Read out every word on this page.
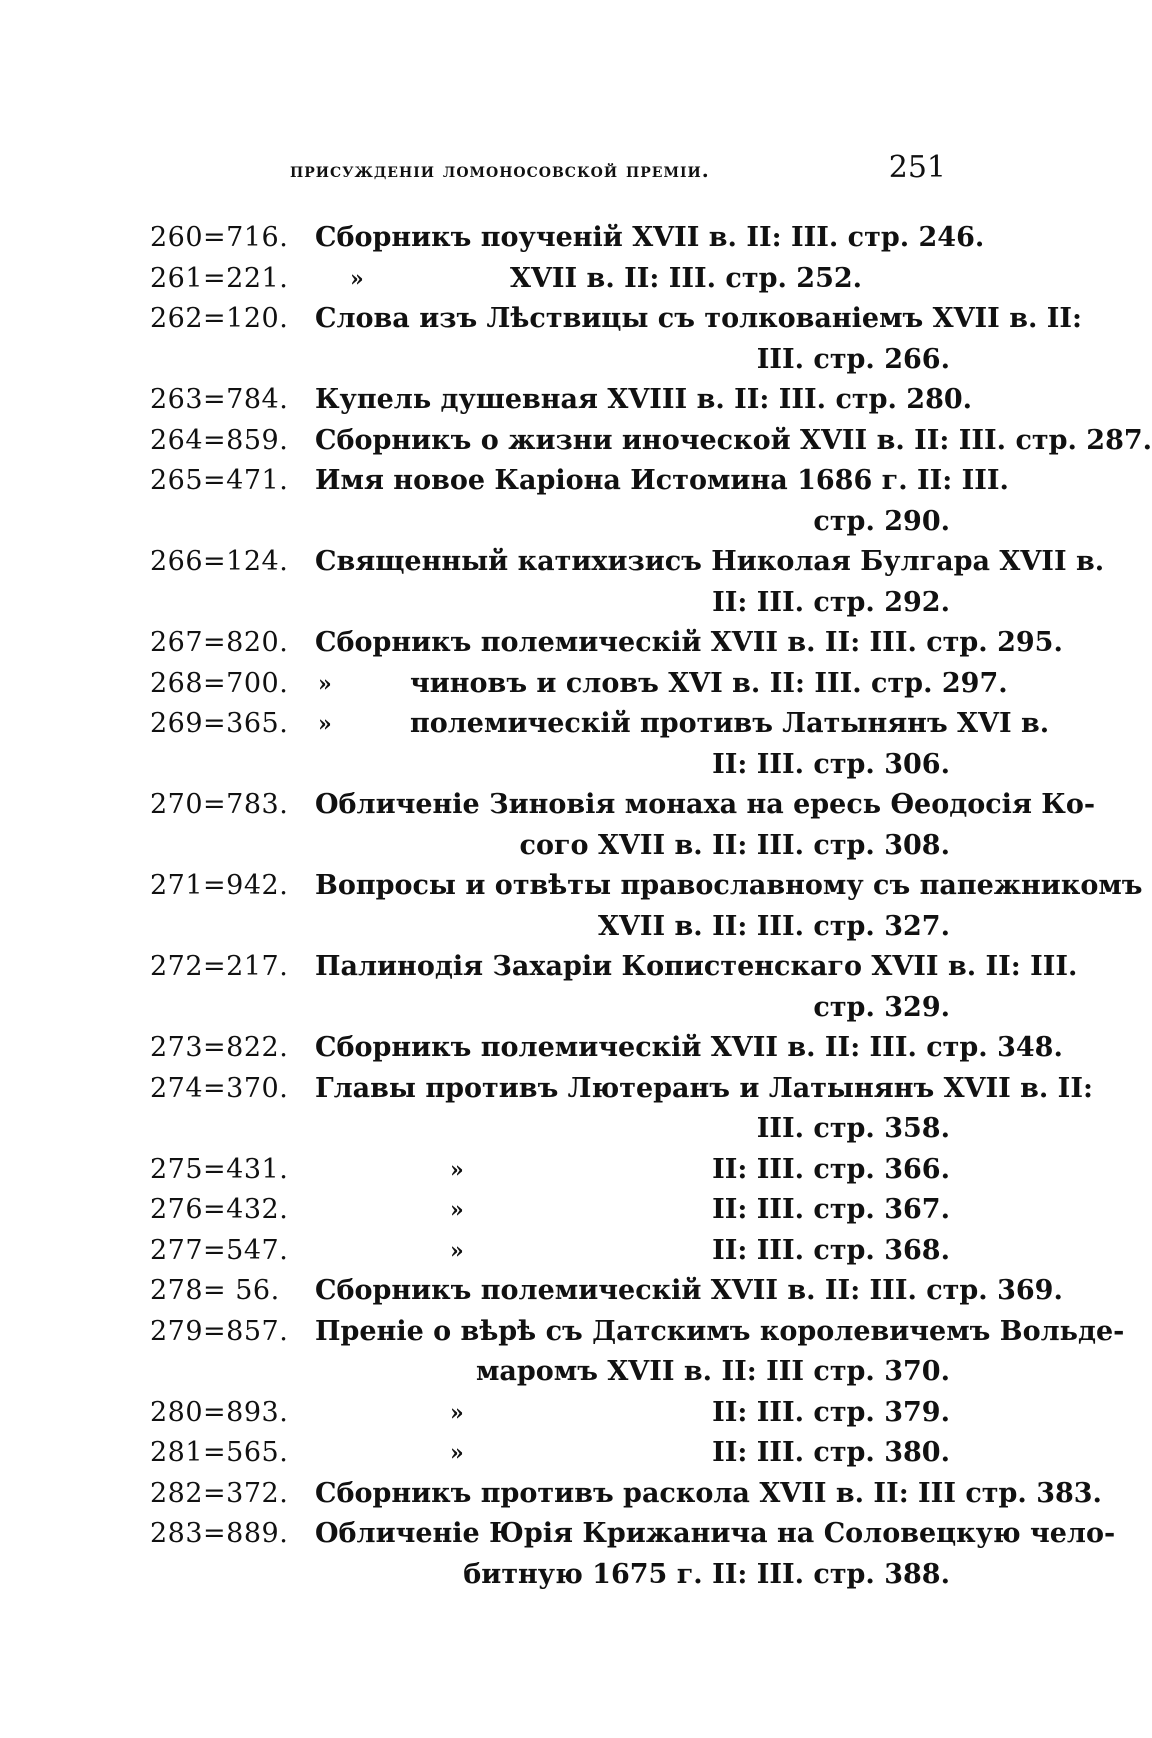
присужденіи ломоносовской преміи.	251
260=716. Сборникъ поученій XVII в. II: III. стр. 246.
261=221.	»	XVII в. II: III. стр. 252.
262=120. Слова изъ Лѣствицы съ толкованіемъ XVII в. II:
III. стр. 266.
263=784. Купель душевная XVIII в. II: III. стр. 280.
264=859. Сборникъ о жизни иноческой XVII в. II: III. стр. 287.
265=471. Имя новое Каріона Истомина 1686 г. II: III.
стр. 290.
266=124. Священный катихизисъ Николая Булгара XVII в.
II: III. стр. 292.
267=820. Сборникъ полемическій XVII в. II: III. стр. 295.
268=700.	»	чиновъ и словъ XVI в. II: III. стр. 297.
269=365.	»	полемическій противъ Латынянъ XVI в.
II: III. стр. 306.
270=783. Обличеніе Зиновія монаха на ересь Ѳеодосія Ко-
сого XVII в. II: III. стр. 308.
271=942. Вопросы и отвѣты православному съ папежникомъ
XVII в. II: III. стр. 327.
272=217. Палинодія Захаріи Копистенскаго XVII в. II: III.
стр. 329.
273=822. Сборникъ полемическій XVII в. II: III. стр. 348.
274=370. Главы противъ Лютеранъ и Латынянъ XVII в. II:
III. стр. 358.
275=431.	»	II: III. стр. 366.
276=432.	»	II: III. стр. 367.
277=547.	»	II: III. стр. 368.
278= 56.	Сборникъ полемическій XVII в. II: III. стр. 369.
279=857. Преніе о вѣрѣ съ Датскимъ королевичемъ Вольде-
маромъ XVII в. II: III стр. 370.
280=893.	»	II: III. стр. 379.
281=565.	»	II: III. стр. 380.
282=372. Сборникъ противъ раскола XVII в. II: III стр. 383.
283=889. Обличеніе Юрія Крижанича на Соловецкую чело-
битную 1675 г. II: III. стр. 388.
